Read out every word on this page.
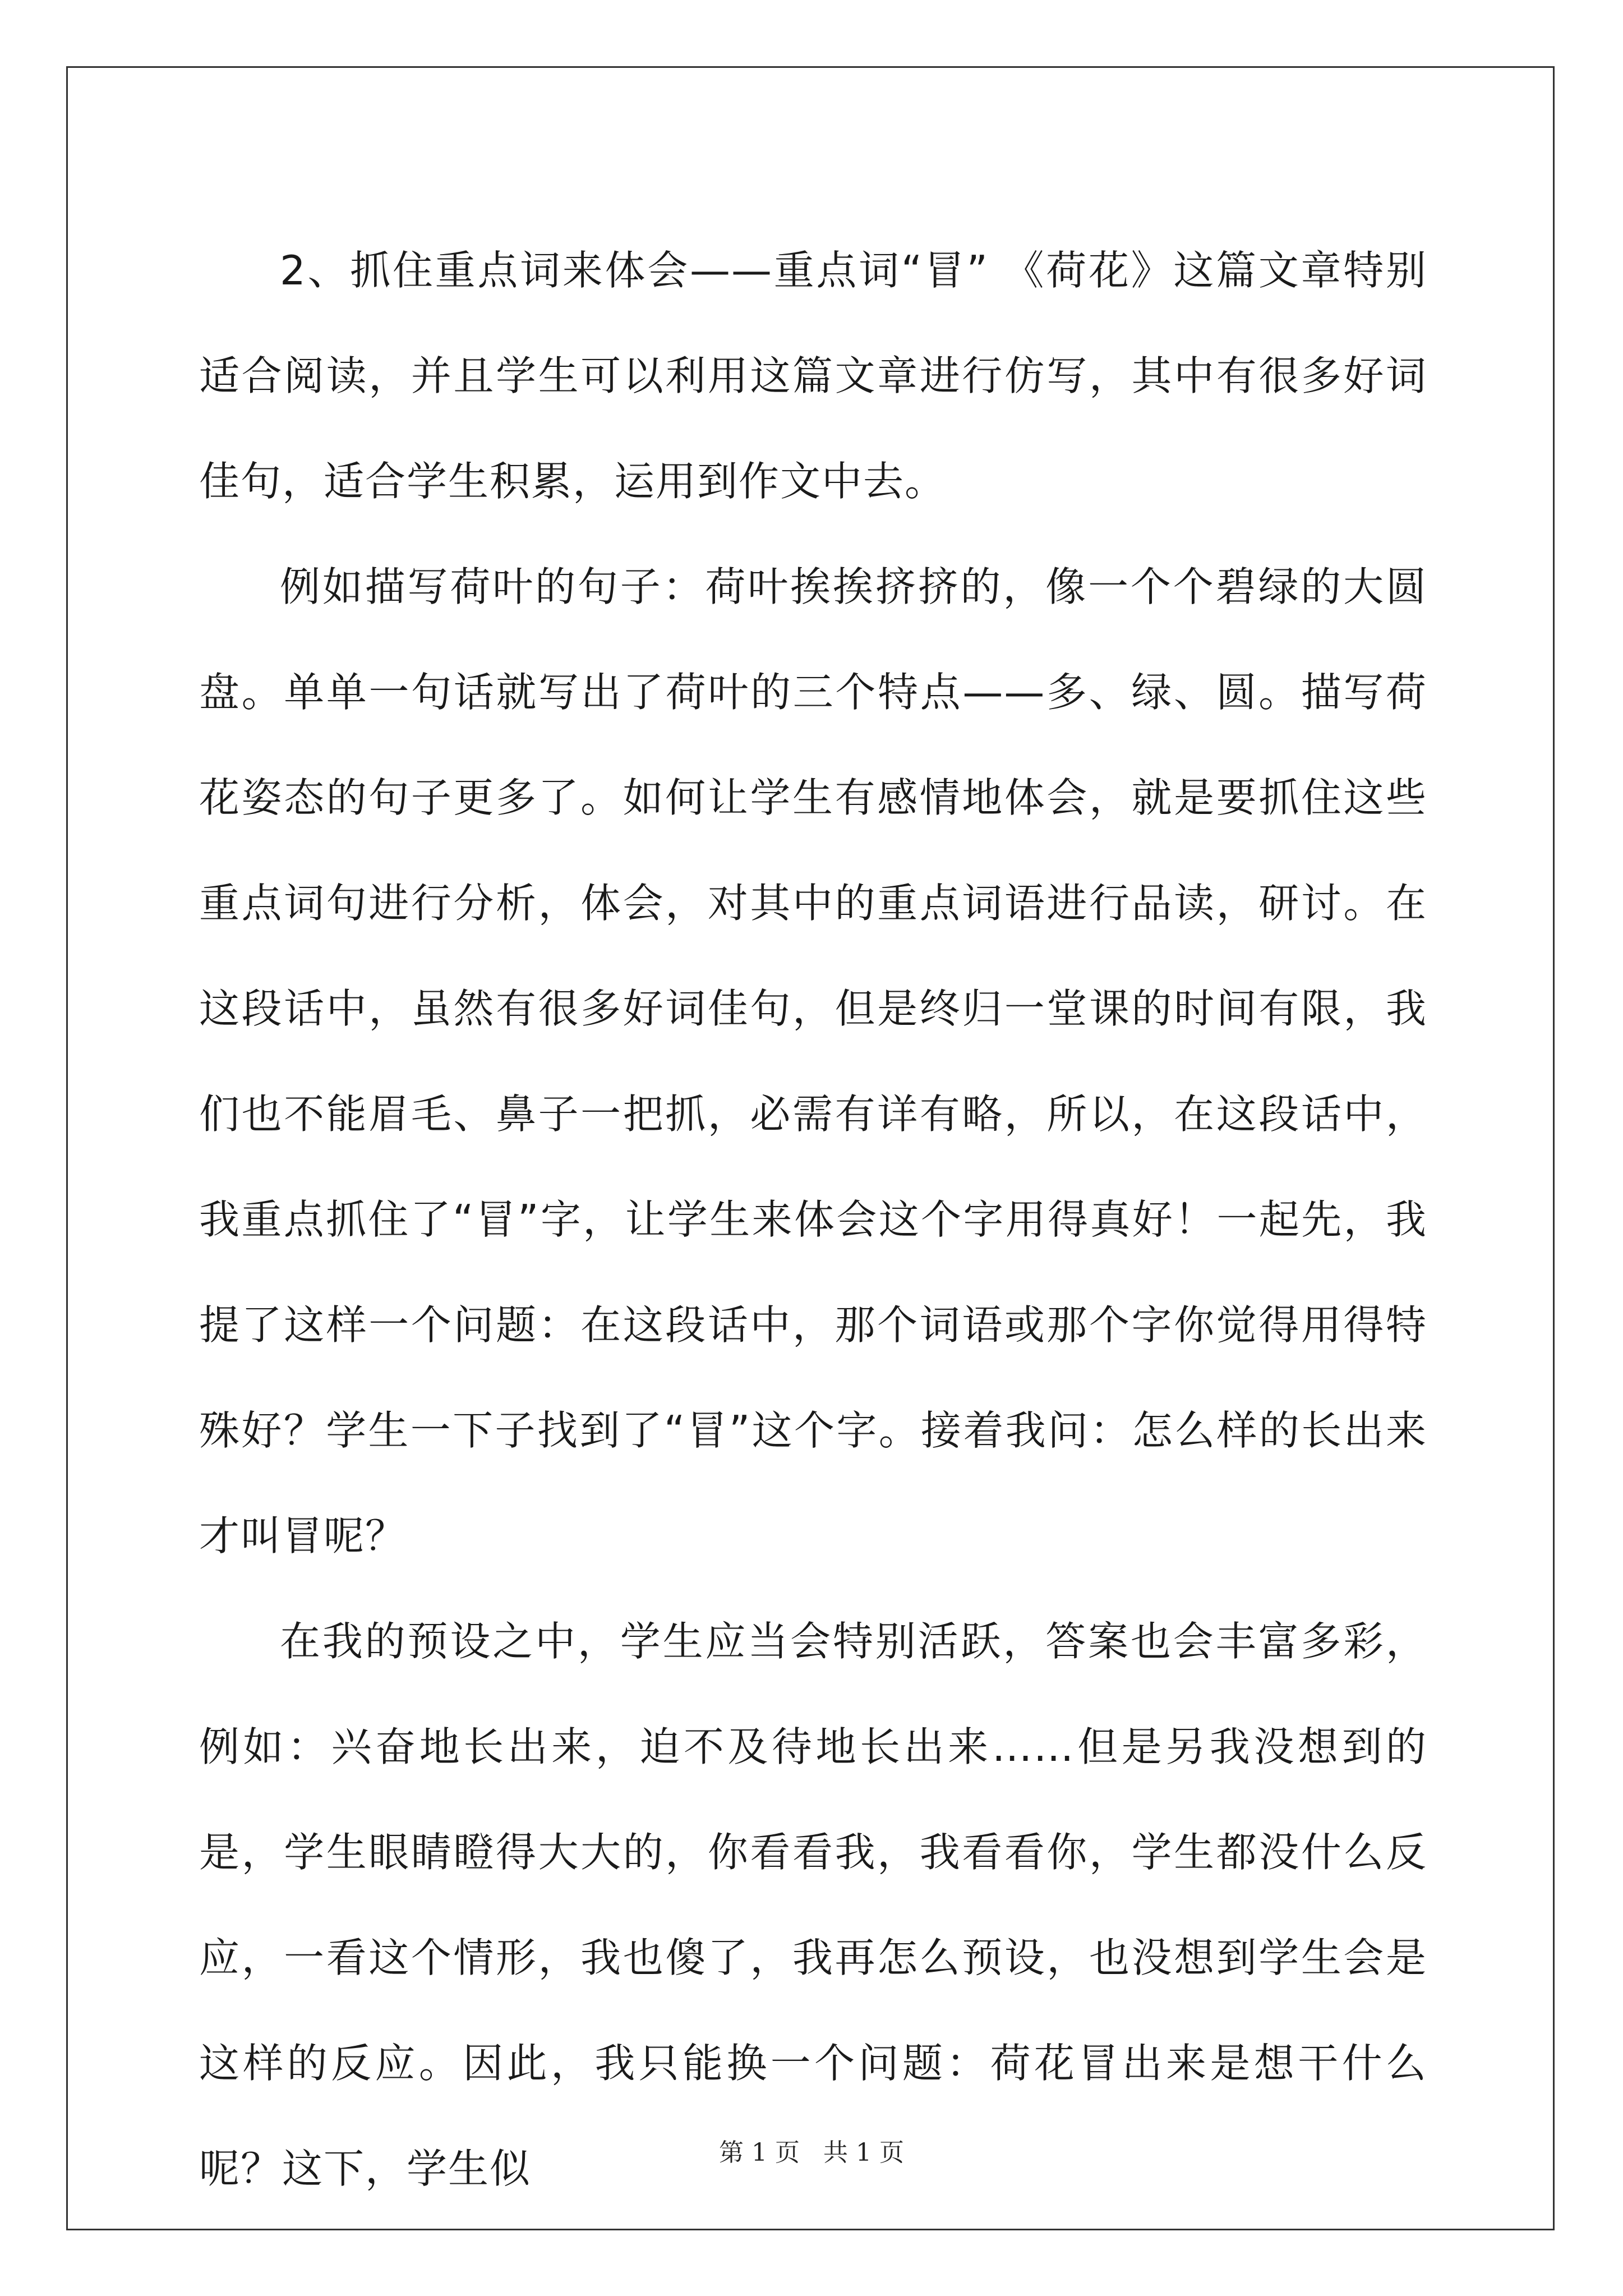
2、抓住重点词来体会——重点词“冒” 《荷花》这篇文章特别适合阅读，并且学生可以利用这篇文章进行仿写，其中有很多好词佳句，适合学生积累，运用到作文中去。

例如描写荷叶的句子：荷叶挨挨挤挤的，像一个个碧绿的大圆盘。单单一句话就写出了荷叶的三个特点——多、绿、圆。描写荷花姿态的句子更多了。如何让学生有感情地体会，就是要抓住这些重点词句进行分析，体会，对其中的重点词语进行品读，研讨。在这段话中，虽然有很多好词佳句，但是终归一堂课的时间有限，我们也不能眉毛、鼻子一把抓，必需有详有略，所以，在这段话中，我重点抓住了“冒”字，让学生来体会这个字用得真好！一起先，我提了这样一个问题：在这段话中，那个词语或那个字你觉得用得特殊好？学生一下子找到了“冒”这个字。接着我问：怎么样的长出来才叫冒呢？

在我的预设之中，学生应当会特别活跃，答案也会丰富多彩，例如：兴奋地长出来，迫不及待地长出来……但是另我没想到的是，学生眼睛瞪得大大的，你看看我，我看看你，学生都没什么反应，一看这个情形，我也傻了，我再怎么预设，也没想到学生会是这样的反应。因此，我只能换一个问题：荷花冒出来是想干什么呢？这下，学生似	第 1 页 共 1 页
